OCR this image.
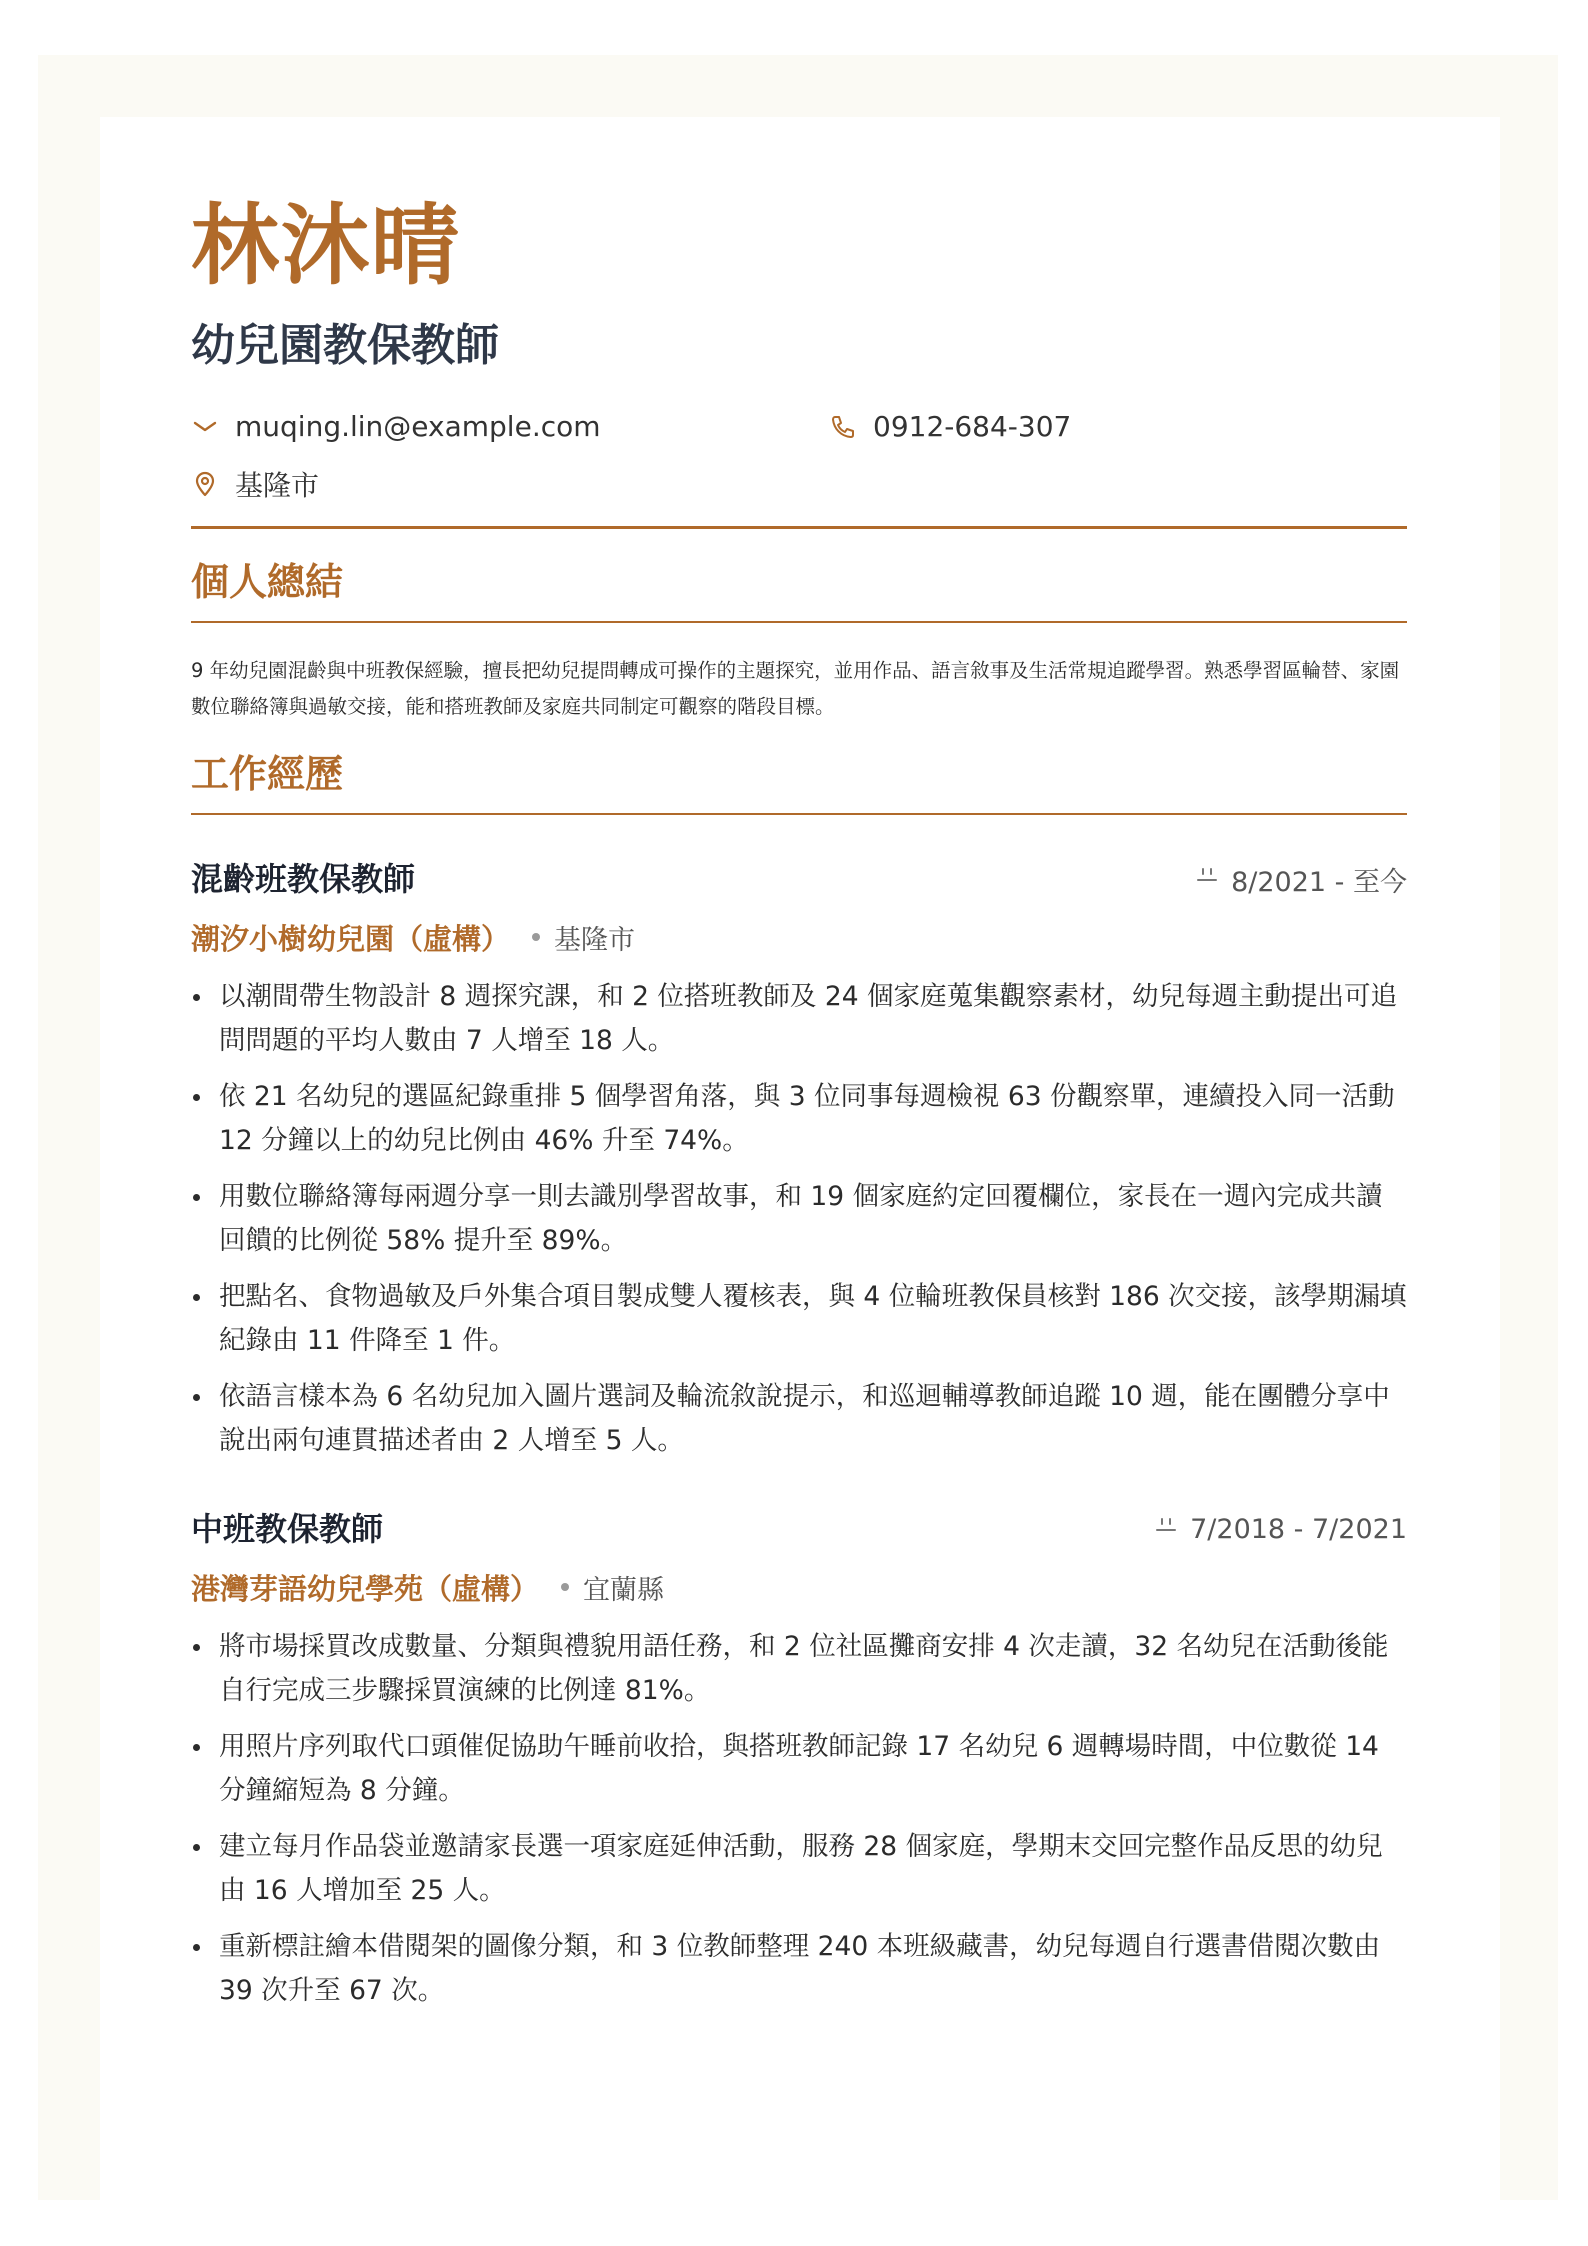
林沐晴
幼兒園教保教師
muqing.lin@example.com	0912-684-307
基隆市
個人總結
9 年幼兒園混齡與中班教保經驗，擅長把幼兒提問轉成可操作的主題探究，並用作品、語言敘事及生活常規追蹤學習。熟悉學習區輪替、家園數位聯絡簿與過敏交接，能和搭班教師及家庭共同制定可觀察的階段目標。
工作經歷
混齡班教保教師	8/2021 - 至今
潮汐小樹幼兒園（虛構） 基隆市
以潮間帶生物設計 8 週探究課，和 2 位搭班教師及 24 個家庭蒐集觀察素材，幼兒每週主動提出可追問問題的平均人數由 7 人增至 18 人。
依 21 名幼兒的選區紀錄重排 5 個學習角落，與 3 位同事每週檢視 63 份觀察單，連續投入同一活動 12 分鐘以上的幼兒比例由 46% 升至 74%。
用數位聯絡簿每兩週分享一則去識別學習故事，和 19 個家庭約定回覆欄位，家長在一週內完成共讀回饋的比例從 58% 提升至 89%。
把點名、食物過敏及戶外集合項目製成雙人覆核表，與 4 位輪班教保員核對 186 次交接，該學期漏填紀錄由 11 件降至 1 件。
依語言樣本為 6 名幼兒加入圖片選詞及輪流敘說提示，和巡迴輔導教師追蹤 10 週，能在團體分享中說出兩句連貫描述者由 2 人增至 5 人。
中班教保教師	7/2018 - 7/2021
港灣芽語幼兒學苑（虛構） 宜蘭縣
將市場採買改成數量、分類與禮貌用語任務，和 2 位社區攤商安排 4 次走讀，32 名幼兒在活動後能自行完成三步驟採買演練的比例達 81%。
用照片序列取代口頭催促協助午睡前收拾，與搭班教師記錄 17 名幼兒 6 週轉場時間，中位數從 14 分鐘縮短為 8 分鐘。
建立每月作品袋並邀請家長選一項家庭延伸活動，服務 28 個家庭，學期末交回完整作品反思的幼兒由 16 人增加至 25 人。
重新標註繪本借閱架的圖像分類，和 3 位教師整理 240 本班級藏書，幼兒每週自行選書借閱次數由 39 次升至 67 次。
